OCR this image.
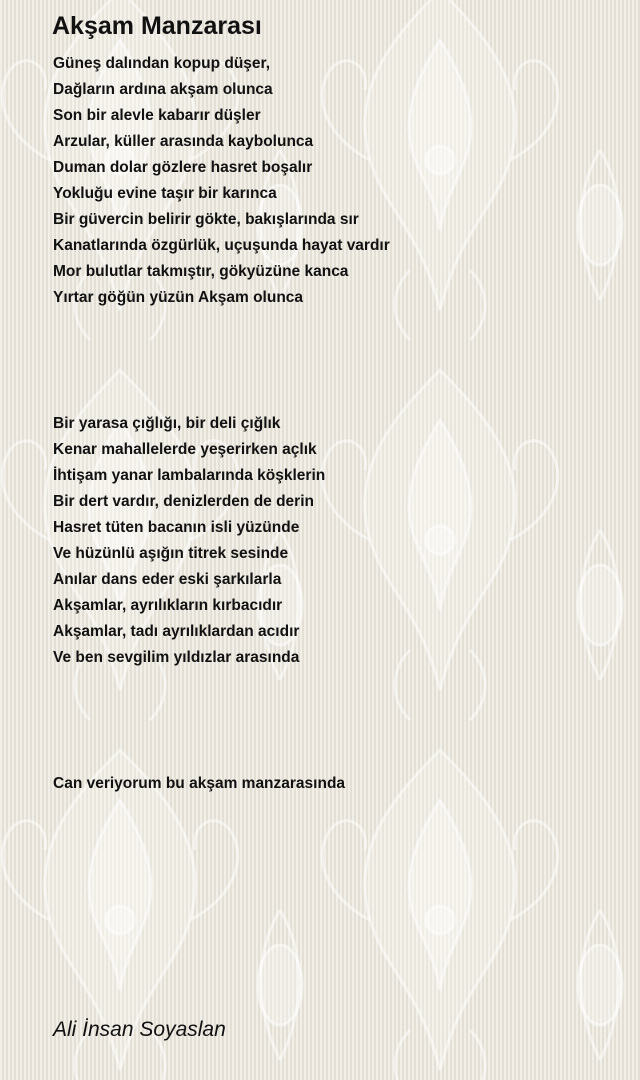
Akşam Manzarası
Güneş dalından kopup düşer,
Dağların ardına akşam olunca
Son bir alevle kabarır düşler
Arzular, küller arasında kaybolunca
Duman dolar gözlere hasret boşalır
Yokluğu evine taşır bir karınca
Bir güvercin belirir gökte, bakışlarında sır
Kanatlarında özgürlük, uçuşunda hayat vardır
Mor bulutlar takmıştır, gökyüzüne kanca
Yırtar göğün yüzün Akşam olunca
Bir yarasa çığlığı, bir deli çığlık
Kenar mahallelerde yeşerirken açlık
İhtişam yanar lambalarında köşklerin
Bir dert vardır, denizlerden de derin
Hasret tüten bacanın isli yüzünde
Ve hüzünlü aşığın titrek sesinde
Anılar dans eder eski şarkılarla
Akşamlar, ayrılıkların kırbacıdır
Akşamlar, tadı ayrılıklardan acıdır
Ve ben sevgilim yıldızlar arasında
Can veriyorum bu akşam manzarasında

Ali İnsan Soyaslan
